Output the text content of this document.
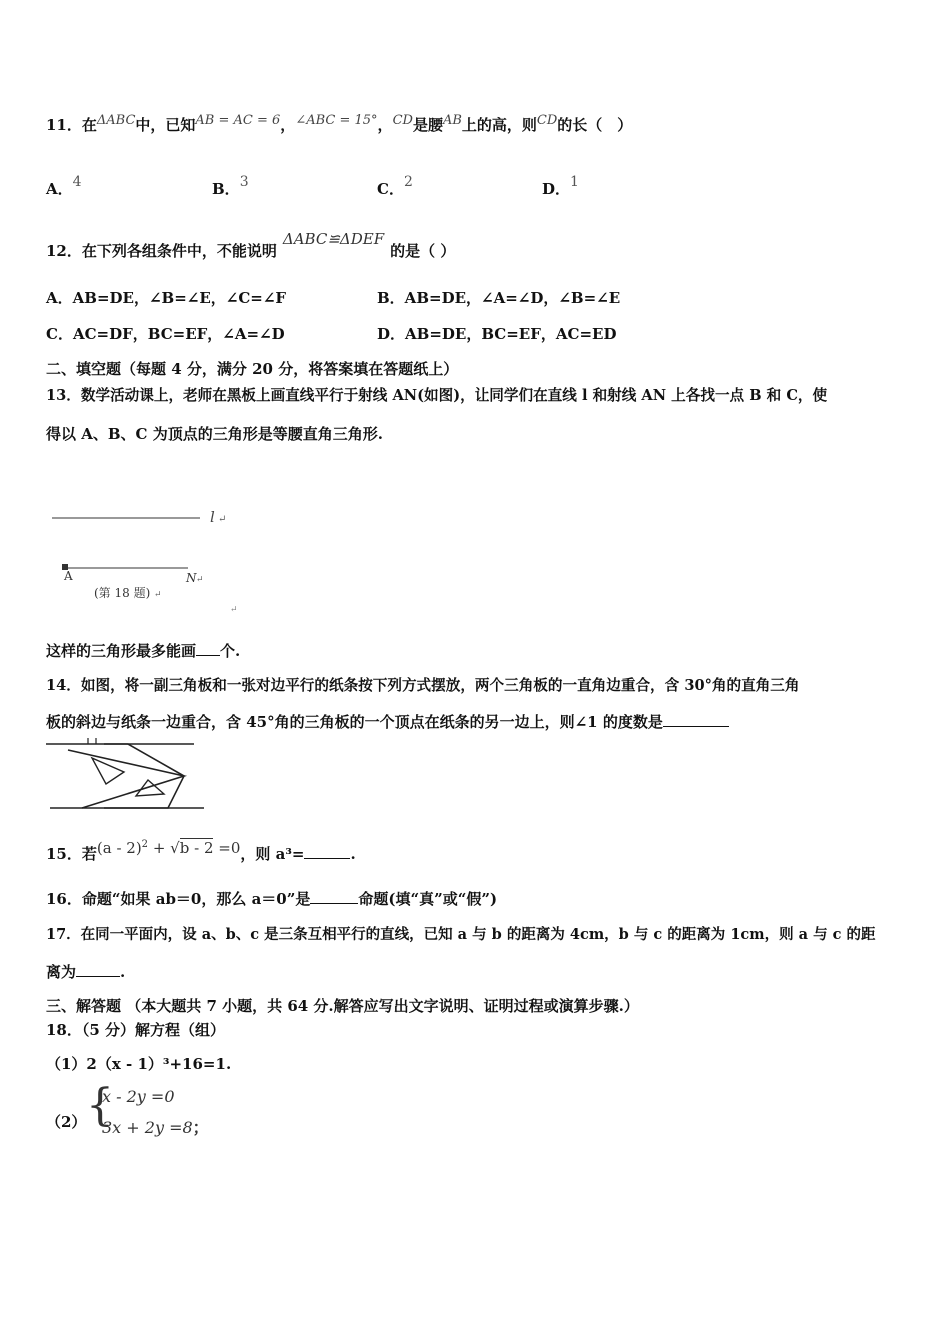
11．在ΔABC中，已知AB = AC = 6，∠ABC = 15°，CD是腰AB上的高，则CD的长（　）
A．4	B．3	C．2	D．1
12．在下列各组条件中，不能说明ΔABC≌ΔDEF的是（ ）
A．AB=DE，∠B=∠E，∠C=∠F	B．AB=DE，∠A=∠D，∠B=∠E
C．AC=DF，BC=EF，∠A=∠D	D．AB=DE，BC=EF，AC=ED
二、填空题（每题 4 分，满分 20 分，将答案填在答题纸上）
13．数学活动课上，老师在黑板上画直线平行于射线 AN(如图)，让同学们在直线 l 和射线 AN 上各找一点 B 和 C，使
得以 A、B、C 为顶点的三角形是等腰直角三角形.
l ↵
A	N ↵
(第 18 题) ↵
↵
这样的三角形最多能画 个.
14．如图，将一副三角板和一张对边平行的纸条按下列方式摆放，两个三角板的一直角边重合，含 30°角的直角三角
板的斜边与纸条一边重合，含 45°角的三角板的一个顶点在纸条的另一边上，则∠1 的度数是
15．若(a - 2)$^2$ + √b - 2 =0，则 a³=	.
16．命题“如果 ab＝0，那么 a＝0”是	命题(填“真”或“假”)
17．在同一平面内，设 a、b、c 是三条互相平行的直线，已知 a 与 b 的距离为 4cm，b 与 c 的距离为 1cm，则 a 与 c 的距
离为	.
三、解答题 （本大题共 7 小题，共 64 分.解答应写出文字说明、证明过程或演算步骤.）
18．（5 分）解方程（组）
（1）2（x - 1）³+16=1.
（2） {
x - 2y =0
3x + 2y =8；
